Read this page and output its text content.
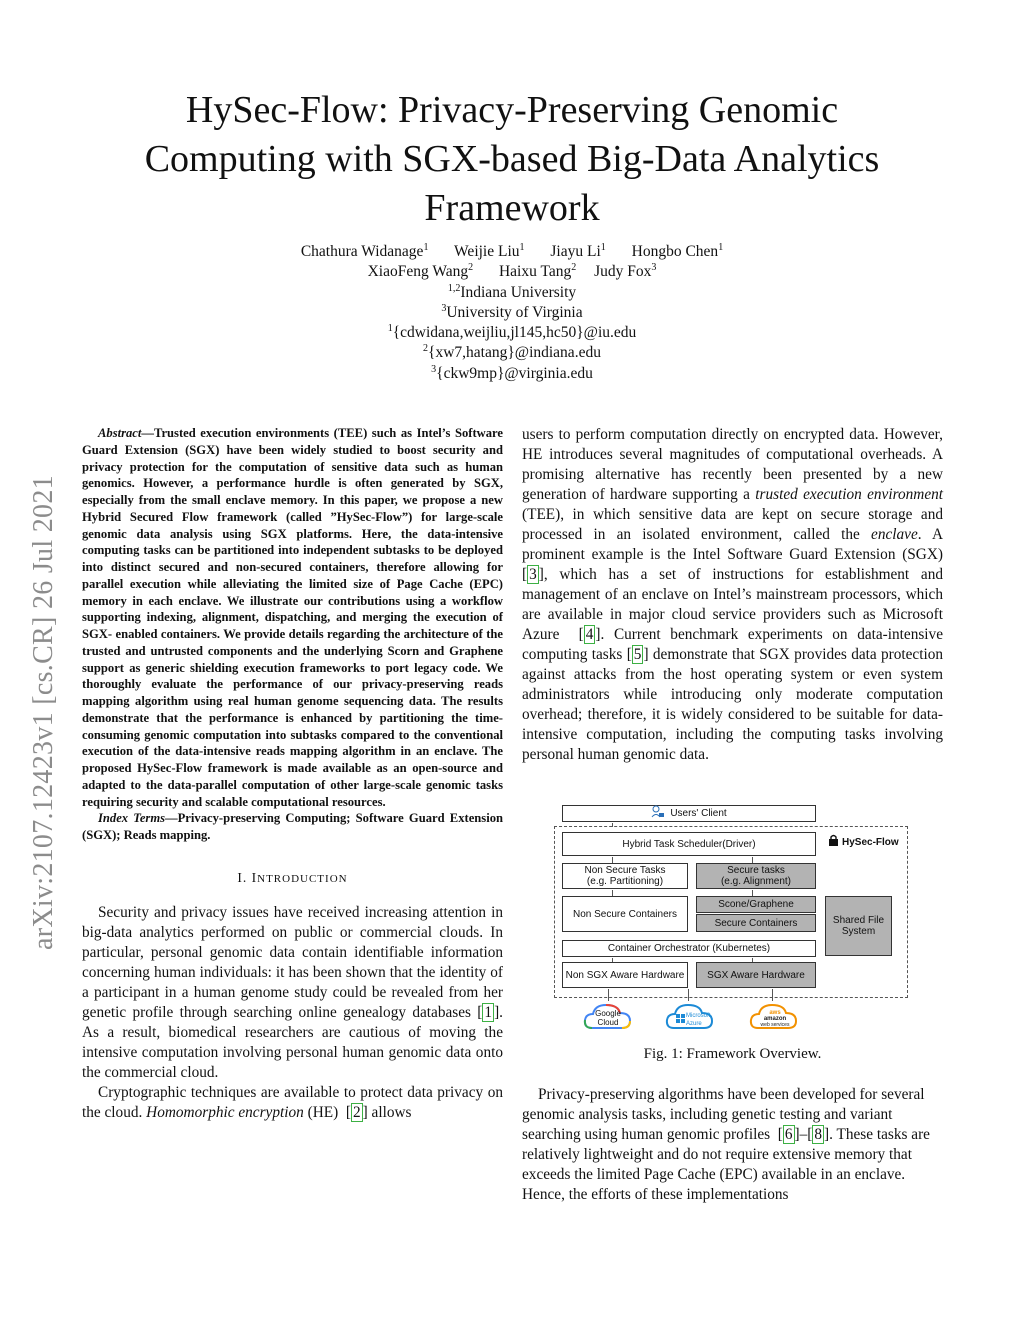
arXiv:2107.12423v1 [cs.CR] 26 Jul 2021
HySec-Flow: Privacy-Preserving Genomic
Computing with SGX-based Big-Data Analytics
Framework
Chathura Widanage$^1$ Weijie Liu$^1$ Jiayu Li$^1$ Hongbo Chen$^1$
XiaoFeng Wang$^2$ Haixu Tang$^2$ Judy Fox$^3$
$^{1,2}$Indiana University
$^3$University of Virginia
$^1${cdwidana,weijliu,jl145,hc50}@iu.edu
$^2${xw7,hatang}@indiana.edu
$^3${ckw9mp}@virginia.edu

Abstract—Trusted execution environments (TEE) such as Intel’s Software Guard Extension (SGX) have been widely studied to boost security and privacy protection for the computation of sensitive data such as human genomics. However, a performance hurdle is often generated by SGX, especially from the small enclave memory. In this paper, we propose a new Hybrid Secured Flow framework (called ”HySec-Flow”) for large-scale genomic data analysis using SGX platforms. Here, the data-intensive computing tasks can be partitioned into independent subtasks to be deployed into distinct secured and non-secured containers, therefore allowing for parallel execution while alleviating the limited size of Page Cache (EPC) memory in each enclave. We illustrate our contributions using a workflow supporting indexing, alignment, dispatching, and merging the execution of SGX- enabled containers. We provide details regarding the architecture of the trusted and untrusted components and the underlying Scorn and Graphene support as generic shielding execution frameworks to port legacy code. We thoroughly evaluate the performance of our privacy-preserving reads mapping algorithm using real human genome sequencing data. The results demonstrate that the performance is enhanced by partitioning the time-consuming genomic computation into subtasks compared to the conventional execution of the data-intensive reads mapping algorithm in an enclave. The proposed HySec-Flow framework is made available as an open-source and adapted to the data-parallel computation of other large-scale genomic tasks requiring security and scalable computational resources.

Index Terms—Privacy-preserving Computing; Software Guard Extension (SGX); Reads mapping.

I. INTRODUCTION

Security and privacy issues have received increasing attention in big-data analytics performed on public or commercial clouds. In particular, personal genomic data contain identifiable information concerning human individuals: it has been shown that the identity of a participant in a human genome study could be revealed from her genetic profile through searching online genealogy databases [ 1 ]. As a result, biomedical researchers are cautious of moving the intensive computation involving personal human genomic data onto the commercial cloud.

Cryptographic techniques are available to protect data privacy on the cloud. Homomorphic encryption (HE)  [ 2 ] allows

users to perform computation directly on encrypted data. However, HE introduces several magnitudes of computational overheads. A promising alternative has recently been presented by a new generation of hardware supporting a trusted execution environment (TEE), in which sensitive data are kept on secure storage and processed in an isolated environment, called the enclave. A prominent example is the Intel Software Guard Extension (SGX) [ 3 ], which has a set of instructions for establishment and management of an enclave on Intel’s mainstream processors, which are available in major cloud service providers such as Microsoft Azure  [ 4 ]. Current benchmark experiments on data-intensive computing tasks [ 5 ] demonstrate that SGX provides data protection against attacks from the host operating system or even system administrators while introducing only moderate computation overhead; therefore, it is widely considered to be suitable for data-intensive computation, including the computing tasks involving personal human genomic data.

Users' Client
Hybrid Task Scheduler(Driver)	HySec-Flow
Non Secure Tasks
(e.g. Partitioning)
Secure tasks
(e.g. Alignment)
Non Secure Containers
Scone/Graphene
Secure Containers	Shared File
System
Container Orchestrator (Kubernetes)
Non SGX Aware Hardware SGX Aware Hardware
Google
Cloud
Microsoft
Azure
aws amazon
web services
Fig. 1: Framework Overview.

Privacy-preserving algorithms have been developed for several genomic analysis tasks, including genetic testing and variant searching using human genomic profiles  [ 6 ]–[ 8 ]. These tasks are relatively lightweight and do not require extensive memory that exceeds the limited Page Cache (EPC) available in an enclave. Hence, the efforts of these implementations
